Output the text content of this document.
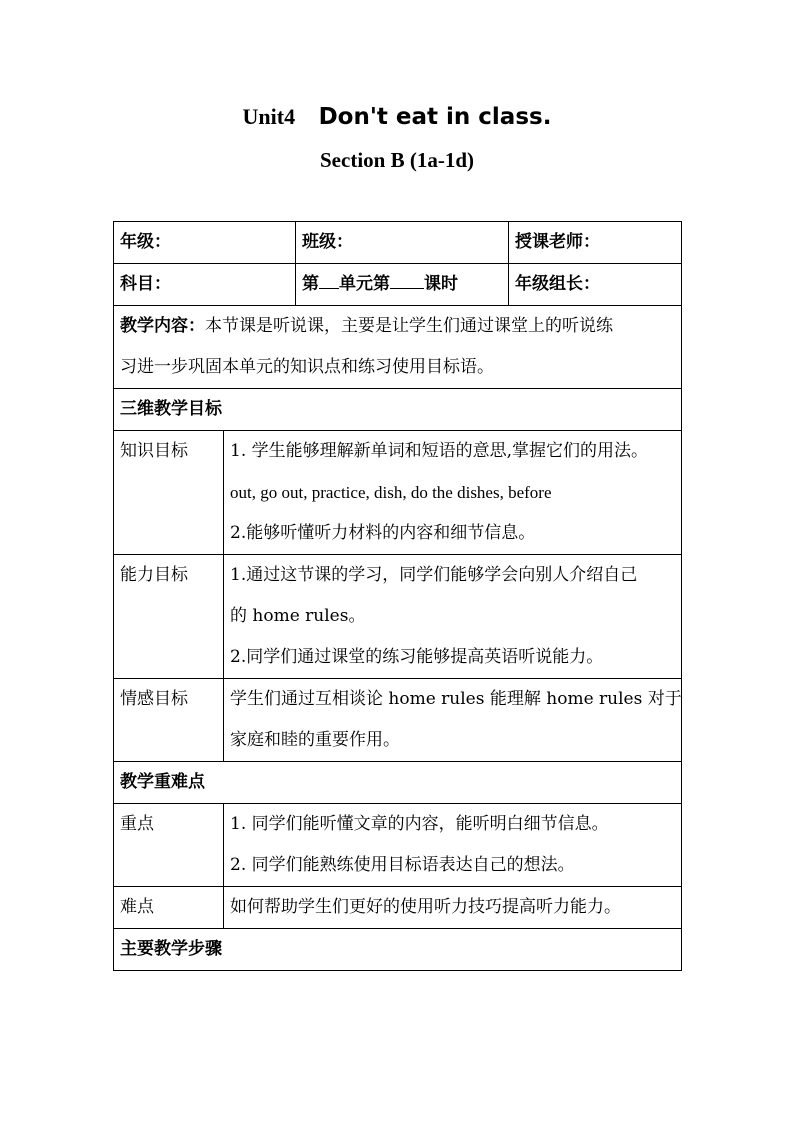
Unit4 Don't eat in class.
Section B (1a-1d)
年级：		班级：	授课老师：

科目：		第 单元第 课时	年级组长：

教学内容：本节课是听说课，主要是让学生们通过课堂上的听说练
习进一步巩固本单元的知识点和练习使用目标语。			

三维教学目标			

知识目标	1. 学生能够理解新单词和短语的意思,掌握它们的用法。
out, go out, practice, dish, do the dishes, before
2.能够听懂听力材料的内容和细节信息。		

能力目标	1.通过这节课的学习，同学们能够学会向别人介绍自己
的 home rules。
2.同学们通过课堂的练习能够提高英语听说能力。		

情感目标	学生们通过互相谈论 home rules 能理解 home rules 对于
家庭和睦的重要作用。		

教学重难点			

重点	1. 同学们能听懂文章的内容，能听明白细节信息。
2. 同学们能熟练使用目标语表达自己的想法。		

难点	如何帮助学生们更好的使用听力技巧提高听力能力。		

主要教学步骤			
